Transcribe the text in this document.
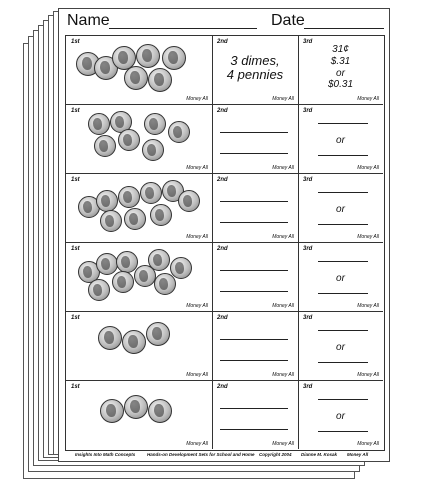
Name	Date
1st
Money All
2nd
3 dimes,
4 pennies
Money All
3rd
31¢
$.31
or
$0.31
Money All
1st
Money All
2nd
Money All
3rd
or
Money All
1st
Money All
2nd
Money All
3rd
or
Money All
1st
Money All
2nd
Money All
3rd
or
Money All
1st
Money All
2nd
Money All
3rd
or
Money All
1st
Money All
2nd
Money All
3rd
or
Money All
Insights Into Math Concepts	Hands-on Development Sets for School and Home Copyright 2004 Dianne M. Kosak Money All
